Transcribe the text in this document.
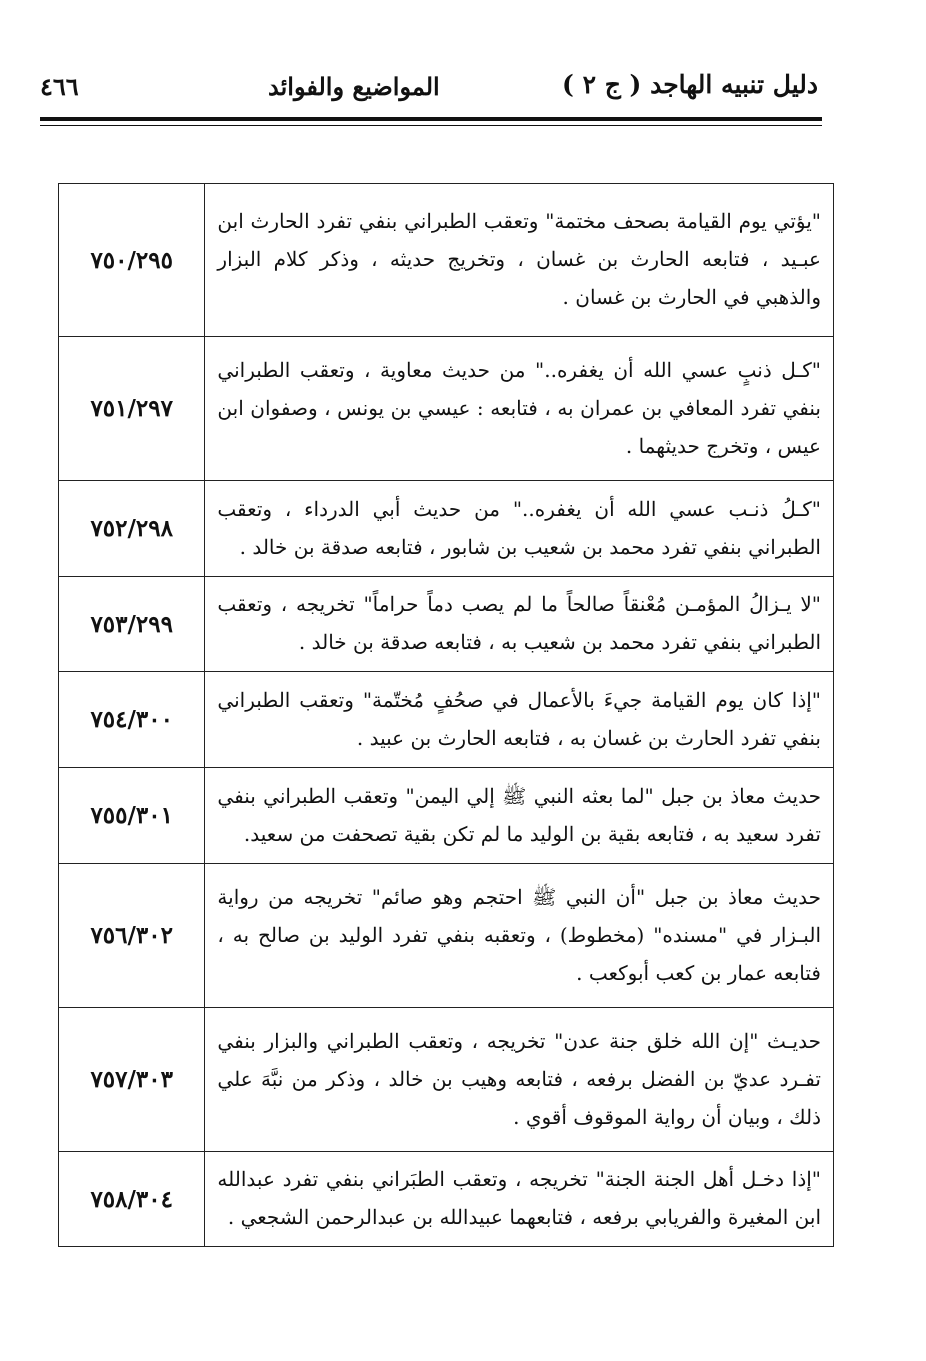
٤٦٦	المواضيع والفوائد	دليل تنبيه الهاجد ( ج ٢ )
"يؤتي يوم القيامة بصحف مختمة" وتعقب الطبراني بنفي تفرد الحارث ابن عبـيد ، فتابعه الحارث بن غسان ، وتخريج حديثه ، وذكر كلام البزار والذهبي في الحارث بن غسان .	٧٥٠/٢٩٥
"كـل ذنبٍ عسي الله أن يغفره.." من حديث معاوية ، وتعقب الطبراني بنفي تفرد المعافي بن عمران به ، فتابعه : عيسي بن يونس ، وصفوان ابن عيس ، وتخرج حديثهما .	٧٥١/٢٩٧
"كـلُ ذنـب عسي الله أن يغفره.." من حديث أبي الدرداء ، وتعقب الطبراني بنفي تفرد محمد بن شعيب بن شابور ، فتابعه صدقة بن خالد .	٧٥٢/٢٩٨
"لا يـزالُ المؤمـن مُعْنقاً صالحاً ما لم يصب دماً حراماً" تخريجه ، وتعقب الطبراني بنفي تفرد محمد بن شعيب به ، فتابعه صدقة بن خالد .	٧٥٣/٢٩٩
"إذا كان يوم القيامة جيءَ بالأعمال في صحُفٍ مُختّمة" وتعقب الطبراني بنفي تفرد الحارث بن غسان به ، فتابعه الحارث بن عبيد .	٧٥٤/٣٠٠
حديث معاذ بن جبل "لما بعثه النبي ﷺ إلي اليمن" وتعقب الطبراني بنفي تفرد سعيد به ، فتابعه بقية بن الوليد ما لم تكن بقية تصحفت من سعيد.	٧٥٥/٣٠١
حديث معاذ بن جبل "أن النبي ﷺ احتجم وهو صائم" تخريجه من رواية البـزار في "مسنده" (مخطوط) ، وتعقبه بنفي تفرد الوليد بن صالح به ، فتابعه عمار بن كعب أبوكعب .	٧٥٦/٣٠٢
حديـث "إن الله خلق جنة عدن" تخريجه ، وتعقب الطبراني والبزار بنفي تفـرد عديّ بن الفضل برفعه ، فتابعه وهيب بن خالد ، وذكر من نبَّهَ علي ذلك ، وبيان أن رواية الموقوف أقوي .	٧٥٧/٣٠٣
"إذا دخـل أهل الجنة الجنة" تخريجه ، وتعقب الطبَراني بنفي تفرد عبدالله ابن المغيرة والفريابي برفعه ، فتابعهما عبيدالله بن عبدالرحمن الشجعي .	٧٥٨/٣٠٤
